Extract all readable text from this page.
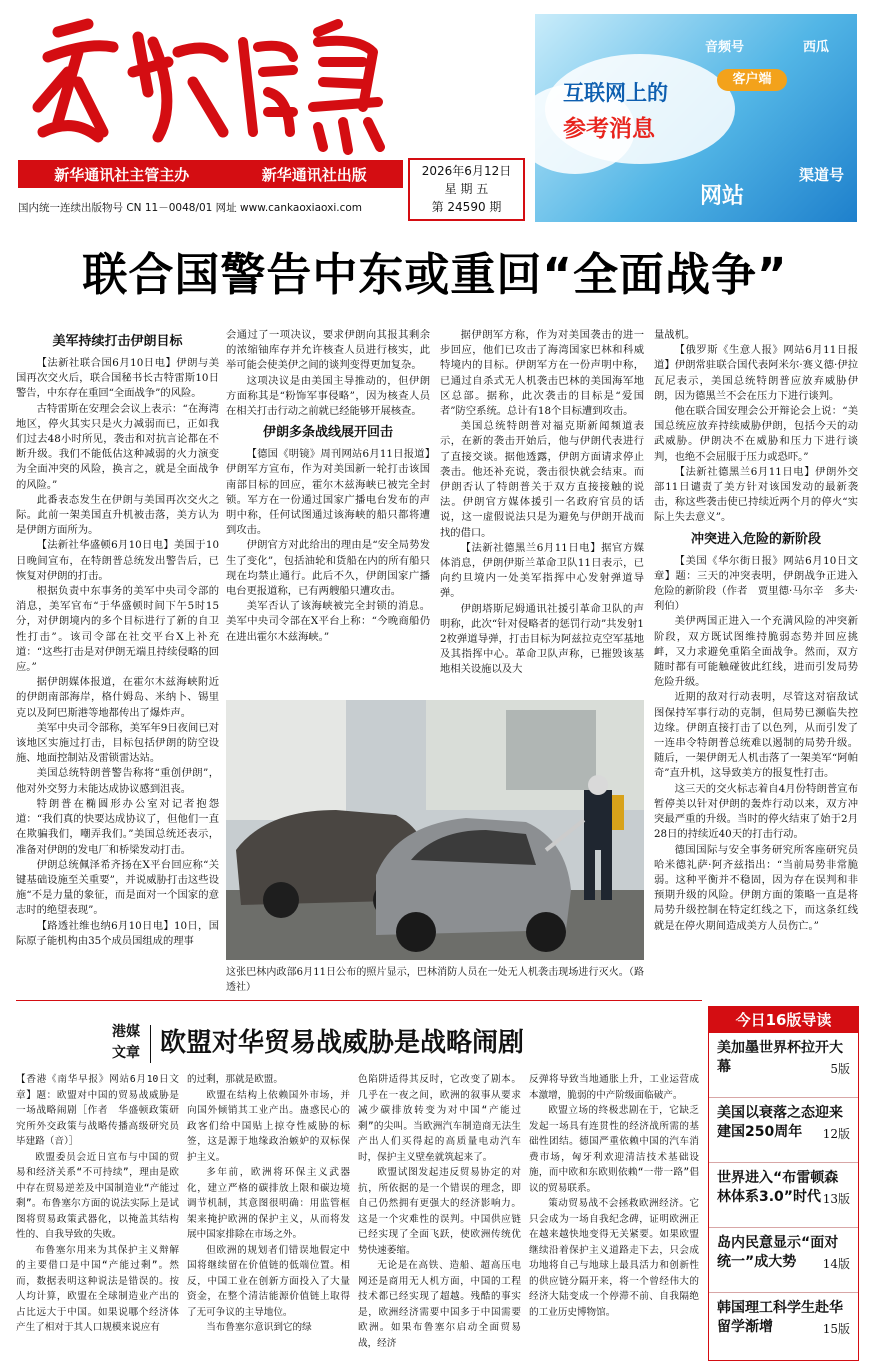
新华通讯社主管主办	新华通讯社出版	2026年6月12日
星 期 五
第 24590 期
国内统一连续出版物号 CN 11－0048/01 网址 www.cankaoxiaoxi.com
互联网上的
参考消息
音频号	西瓜
客户端
渠道号
网站
联合国警告中东或重回“全面战争”
美军持续打击伊朗目标

【法新社联合国6月10日电】伊朗与美国再次交火后，联合国秘书长古特雷斯10日警告，中东存在重回“全面战争”的风险。

古特雷斯在安理会会议上表示：“在海湾地区，停火其实只是火力减弱而已，正如我们过去48小时所见，袭击和对抗言论都在不断升级。我们不能低估这种减弱的火力演变为全面冲突的风险，换言之，就是全面战争的风险。”

此番表态发生在伊朗与美国再次交火之际。此前一架美国直升机被击落，美方认为是伊朗方面所为。

【法新社华盛顿6月10日电】美国于10日晚间宣布，在特朗普总统发出警告后，已恢复对伊朗的打击。

根据负责中东事务的美军中央司令部的消息，美军官布“于华盛顿时间下午5时15分，对伊朗境内的多个目标进行了新的自卫性打击”。该司令部在社交平台X上补充道：“这些打击是对伊朗无端且持续侵略的回应。”

据伊朗媒体报道，在霍尔木兹海峡附近的伊朗南部海岸，格什姆岛、米纳卜、锡里克以及阿巴斯港等地都传出了爆炸声。

美军中央司令部称，美军年9日夜间已对该地区实施过打击，目标包括伊朗的防空设施、地面控制站及雷锁雷达站。

美国总统特朗普警告称将“重创伊朗”，他对外交努力未能达成协议感到沮丧。

特朗普在椭圆形办公室对记者抱怨道：“我们真的快要达成协议了，但他们一直在欺骗我们，嘲弄我们。”美国总统还表示，准备对伊朗的发电厂和桥梁发动打击。

伊朗总统佩泽希齐扬在X平台回应称“关键基础设施至关重要”，并说威胁打击这些设施“不是力量的象征，而是面对一个国家的意志时的绝望表现”。

【路透社维也纳6月10日电】10日，国际原子能机构由35个成员国组成的理事

会通过了一项决议，要求伊朗向其报其剩余的浓缩铀库存并允许核查人员进行核实，此举可能会使美伊之间的谈判变得更加复杂。

这项决议是由美国主导推动的，但伊朗方面称其是“粉饰军事侵略”，因为核查人员在相关打击行动之前就已经能够开展核查。

伊朗多条战线展开回击

【德国《明镜》周刊网站6月11日报道】伊朗军方宣布，作为对美国新一轮打击该国南部目标的回应，霍尔木兹海峡已被完全封锁。军方在一份通过国家广播电台发布的声明中称，任何试图通过该海峡的船只都将遭到攻击。

伊朗官方对此给出的理由是“安全局势发生了变化”，包括油轮和货船在内的所有船只现在均禁止通行。此后不久，伊朗国家广播电台更报道称，已有两艘船只遭攻击。

美军否认了该海峡被完全封锁的消息。美军中央司令部在X平台上称：“今晚商船仍在进出霍尔木兹海峡。”

据伊朗军方称，作为对美国袭击的进一步回应，他们已攻击了海湾国家巴林和科威特境内的目标。伊朗军方在一份声明中称，已通过自杀式无人机袭击巴林的美国海军地区总部。据称，此次袭击的目标是“爱国者”防空系统。总计有18个目标遭到攻击。

美国总统特朗普对福克斯新闻频道表示，在新的袭击开始后，他与伊朗代表进行了直接交谈。据他透露，伊朗方面请求停止袭击。他还补充说，袭击很快就会结束。而伊朗否认了特朗普关于双方直接接触的说法。伊朗官方媒体援引一名政府官员的话说，这一虚假说法只是为避免与伊朗开战而找的借口。

【法新社德黑兰6月11日电】据官方媒体消息，伊朗伊斯兰革命卫队11日表示，已向约旦境内一处美军指挥中心发射弹道导弹。

伊朗塔斯尼姆通讯社援引革命卫队的声明称，此次“针对侵略者的惩罚行动”共发射12枚弹道导弹，打击目标为阿兹拉克空军基地及其指挥中心。革命卫队声称，已摧毁该基地相关设施以及大

量战机。

【俄罗斯《生意人报》网站6月11日报道】伊朗常驻联合国代表阿米尔·赛义德·伊拉瓦尼表示，美国总统特朗普应放弃威胁伊朗，因为德黑兰不会在压力下进行谈判。

他在联合国安理会公开辩论会上说：“美国总统应放弃持续威胁伊朗，包括今天的动武威胁。伊朗决不在威胁和压力下进行谈判，也绝不会屈服于压力或恐吓。”

【法新社德黑兰6月11日电】伊朗外交部11日谴责了美方针对该国发动的最新袭击，称这些袭击使已持续近两个月的停火“实际上失去意义”。

冲突进入危险的新阶段

【美国《华尔街日报》网站6月10日文章】题：三天的冲突表明，伊朗战争正进入危险的新阶段（作者　贾里德·马尔辛　多夫·利伯）

美伊两国正进入一个充满风险的冲突新阶段，双方既试图维持脆弱态势并回应挑衅，又力求避免重陷全面战争。然而，双方随时都有可能触碰彼此红线，进而引发局势危险升级。

近期的敌对行动表明，尽管这对宿敌试图保持军事行动的克制，但局势已濒临失控边缘。伊朗直接打击了以色列，从而引发了一连串令特朗普总统难以遏制的局势升级。随后，一架伊朗无人机击落了一架美军“阿帕奇”直升机，这导致美方的报复性打击。

这三天的交火标志着自4月份特朗普宣布暂停美以针对伊朗的轰炸行动以来，双方冲突最严重的升级。当时的停火结束了始于2月28日的持续近40天的打击行动。

德国国际与安全事务研究所客座研究员哈米德礼萨·阿齐兹指出：“当前局势非常脆弱。这种平衡并不稳固，因为存在误判和非预期升级的风险。伊朗方面的策略一直是将局势升级控制在特定红线之下，而这条红线就是在停火期间造成美方人员伤亡。”

这张巴林内政部6月11日公布的照片显示，巴林消防人员在一处无人机袭击现场进行灭火。（路透社）
港媒
文章 欧盟对华贸易战威胁是战略闹剧

【香港《南华早报》网站6月10日文章】题：欧盟对中国的贸易战威胁是一场战略闹剧［作者　华盛顿政策研究所外交政策与战略传播高级研究员毕建路（音）］

欧盟委员会近日宣布与中国的贸易和经济关系“不可持续”，理由是欧中存在贸易逆差及中国制造业“产能过剩”。布鲁塞尔方面的说法实际上是试图将贸易政策武器化，以掩盖其结构性的、自我导致的失败。

布鲁塞尔用来为其保护主义辩解的主要借口是中国“产能过剩”。然而，数据表明这种说法是错误的。按人均计算，欧盟在全球制造业产出的占比远大于中国。如果说哪个经济体产生了相对于其人口规模来说应有

的过剩，那就是欧盟。

欧盟在结构上依赖国外市场，并向国外倾销其工业产出。蛊惑民心的政客们给中国贴上掠夺性威胁的标签，这是源于地缘政治嫉妒的双标保护主义。

多年前，欧洲将环保主义武器化，建立严格的碳排放上限和碳边境调节机制，其意图很明确：用监管框架来掩护欧洲的保护主义，从而将发展中国家排除在市场之外。

但欧洲的规划者们错误地假定中国将继续留在价值链的低端位置。相反，中国工业在创新方面投入了大量资金，在整个清洁能源价值链上取得了无可争议的主导地位。

当布鲁塞尔意识到它的绿

色陷阱适得其反时，它改变了剧本。几乎在一夜之间，欧洲的叙事从要求减少碳排放转变为对中国“产能过剩”的尖叫。当欧洲汽车制造商无法生产出人们买得起的高质量电动汽车时，保护主义壁垒就筑起来了。

欧盟试图发起违反贸易协定的对抗，所依据的是一个错误的理念，即自己仍然拥有更强大的经济影响力。这是一个灾难性的误判。中国供应链已经实现了全面飞跃，使欧洲传统优势快速萎缩。

无论是在高铁、造船、超高压电网还是商用无人机方面，中国的工程技术都已经实现了超越。残酷的事实是，欧洲经济需要中国多于中国需要欧洲。如果布鲁塞尔启动全面贸易战，经济

反弹将导致当地通胀上升，工业运营成本激增，脆弱的中产阶级面临破产。

欧盟立场的终极悲剧在于，它缺乏发起一场具有连贯性的经济战所需的基础性团结。德国严重依赖中国的汽车消费市场，匈牙利欢迎清洁技术基础设施，而中欧和东欧则依赖“一带一路”倡议的贸易联系。

策动贸易战不会拯救欧洲经济。它只会成为一场自我纪念碑，证明欧洲正在越来越快地变得无关紧要。如果欧盟继续沿着保护主义道路走下去，只会成功地将自己与地球上最具活力和创新性的供应链分隔开来，将一个曾经伟大的经济大陆变成一个停滞不前、自我隔绝的工业历史博物馆。

今日16版导读
美加墨世界杯拉开大幕	5版
美国以衰落之态迎来建国250周年	12版
世界进入“布雷顿森林体系3.0”时代 13版
岛内民意显示“面对统一”成大势	14版
韩国理工科学生赴华留学渐增	15版
